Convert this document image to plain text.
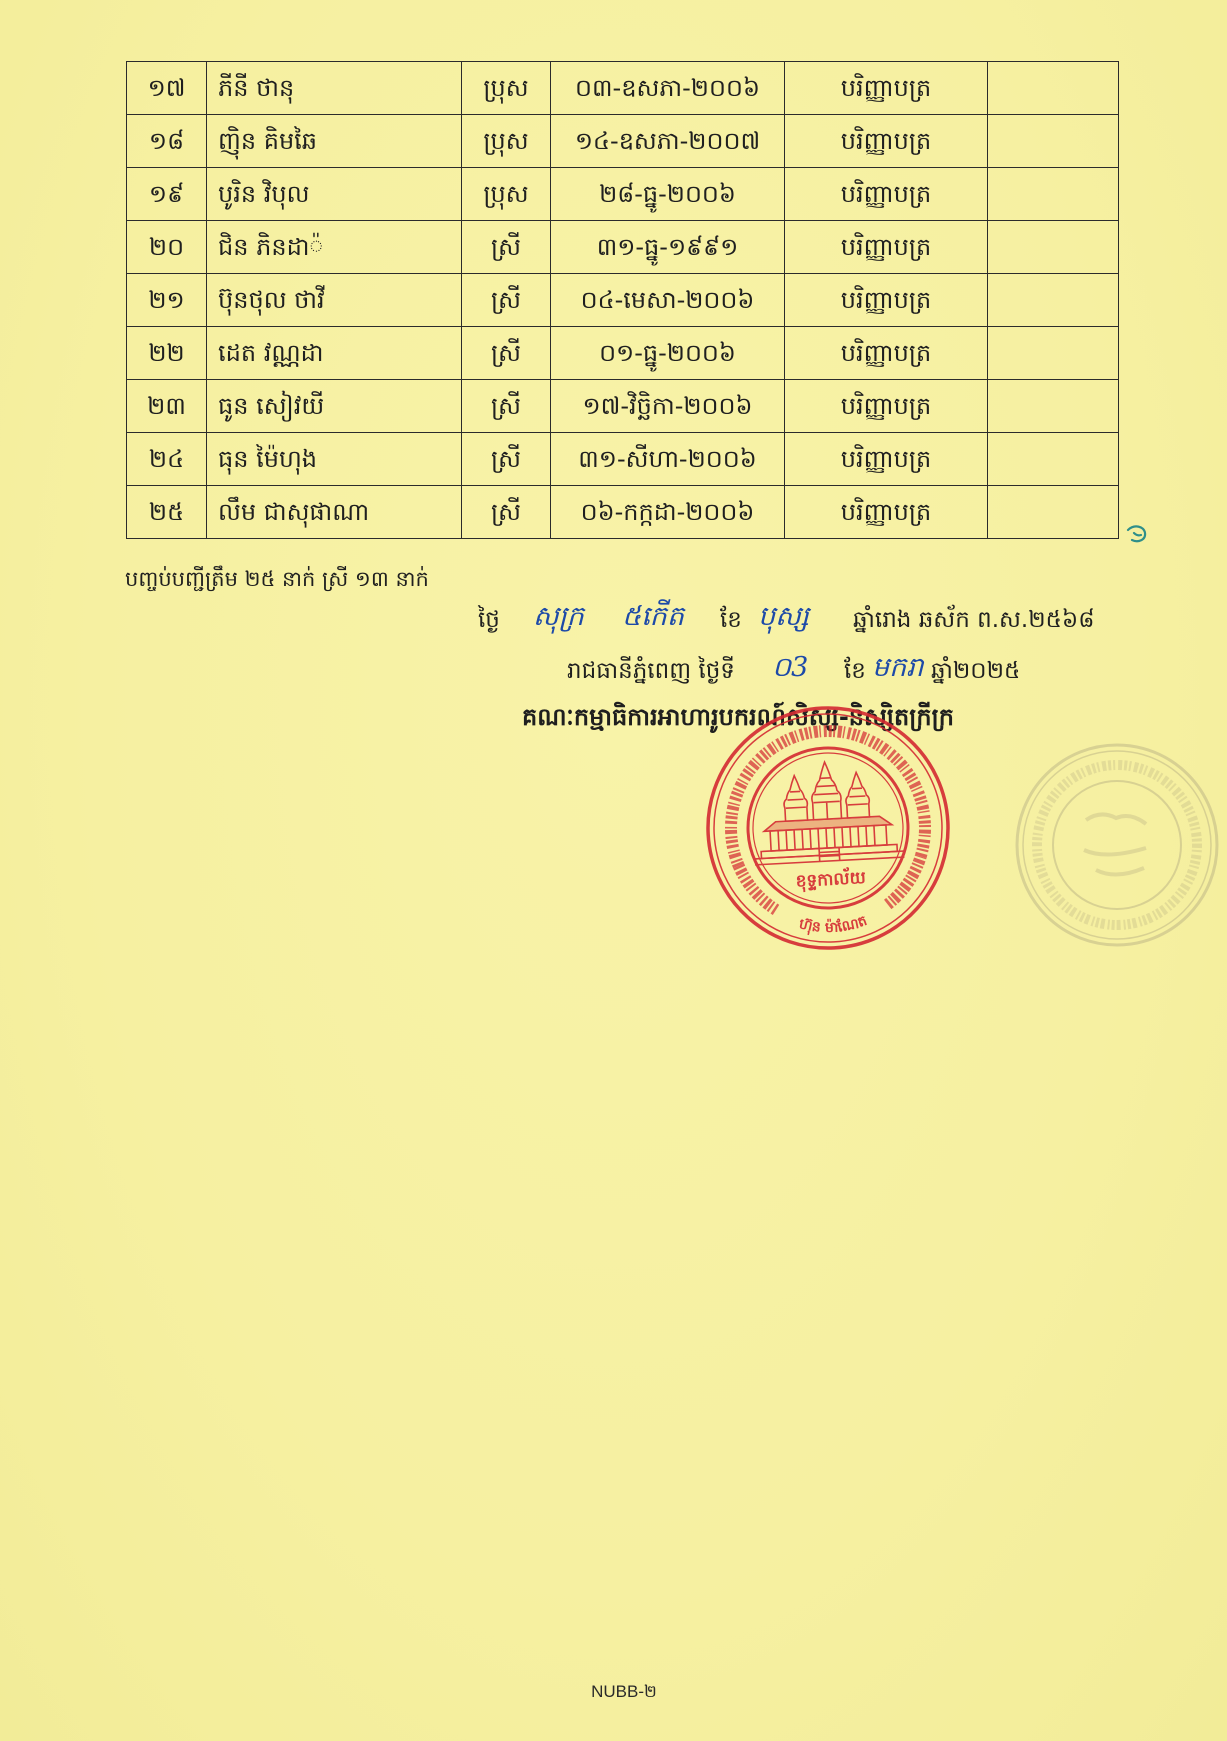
១៧	ភីនី ថានុ	ប្រុស	០៣-ឧសភា-២០០៦	បរិញ្ញាបត្រ	
១៨	ញ៉ិន គិមឆៃ	ប្រុស	១៤-ឧសភា-២០០៧	បរិញ្ញាបត្រ	
១៩	បូរិន វិបុល	ប្រុស	២៨-ធ្នូ-២០០៦	បរិញ្ញាបត្រ	
២០	ជិន ភិនដា៉	ស្រី	៣១-ធ្នូ-១៩៩១	បរិញ្ញាបត្រ	
២១	ប៊ុនថុល ថាវី	ស្រី	០៤-មេសា-២០០៦	បរិញ្ញាបត្រ	
២២	ដេត វណ្ណដា	ស្រី	០១-ធ្នូ-២០០៦	បរិញ្ញាបត្រ	
២៣	ធូន សៀវយី	ស្រី	១៧-វិច្ឆិកា-២០០៦	បរិញ្ញាបត្រ	
២៤	ធុន ម៉ៃហុង	ស្រី	៣១-សីហា-២០០៦	បរិញ្ញាបត្រ	
២៥	លឹម ជាសុផាណា	ស្រី	០៦-កក្កដា-២០០៦	បរិញ្ញាបត្រ	
បញ្ចប់បញ្ជីត្រឹម ២៥ នាក់ ស្រី ១៣ នាក់
ថ្ងៃ សុក្រ ៥កើត ខែ បុស្ស ឆ្នាំរោង ឆស័ក ព.ស.២៥៦៨
រាជធានីភ្នំពេញ ថ្ងៃទី ០3 ខែ មករា ឆ្នាំ២០២៥
គណៈកម្មាធិការអាហារូបករណ៍សិស្ស-និស្សិតក្រីក្រ
ហ៊ុន ម៉ាណែត
ខុទ្ទកាល័យ
NUBB-២
